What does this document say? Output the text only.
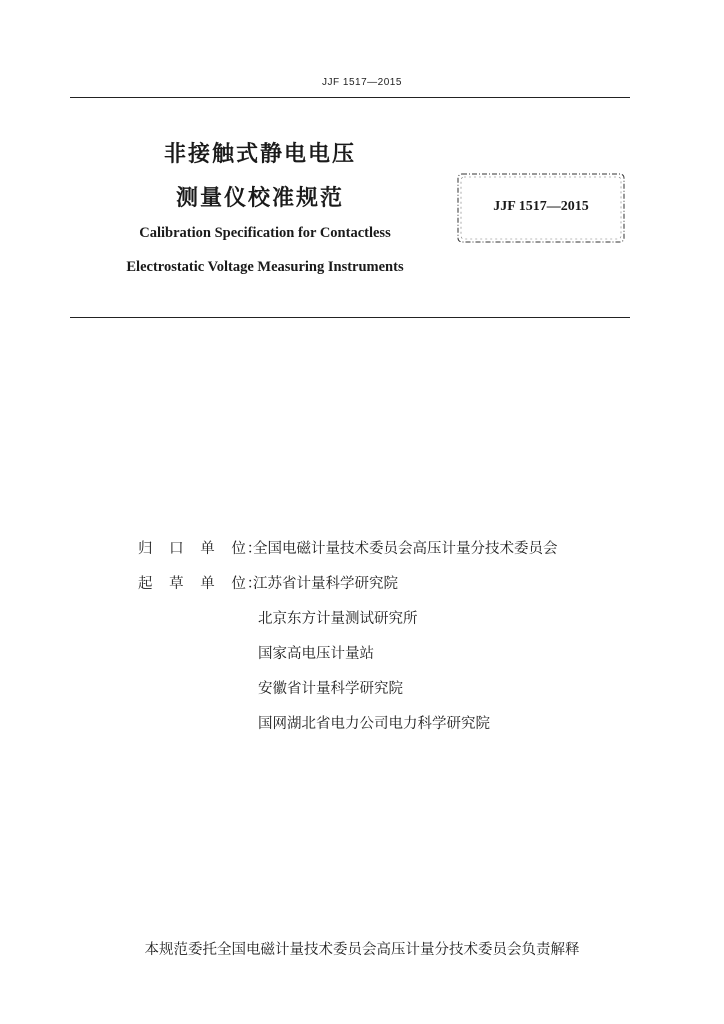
JJF 1517—2015
非接触式静电电压
测量仪校准规范
Calibration Specification for Contactless
Electrostatic Voltage Measuring Instruments
JJF 1517—2015
归 口 单 位：全国电磁计量技术委员会高压计量分技术委员会
起 草 单 位：江苏省计量科学研究院
北京东方计量测试研究所
国家高电压计量站
安徽省计量科学研究院
国网湖北省电力公司电力科学研究院
本规范委托全国电磁计量技术委员会高压计量分技术委员会负责解释
